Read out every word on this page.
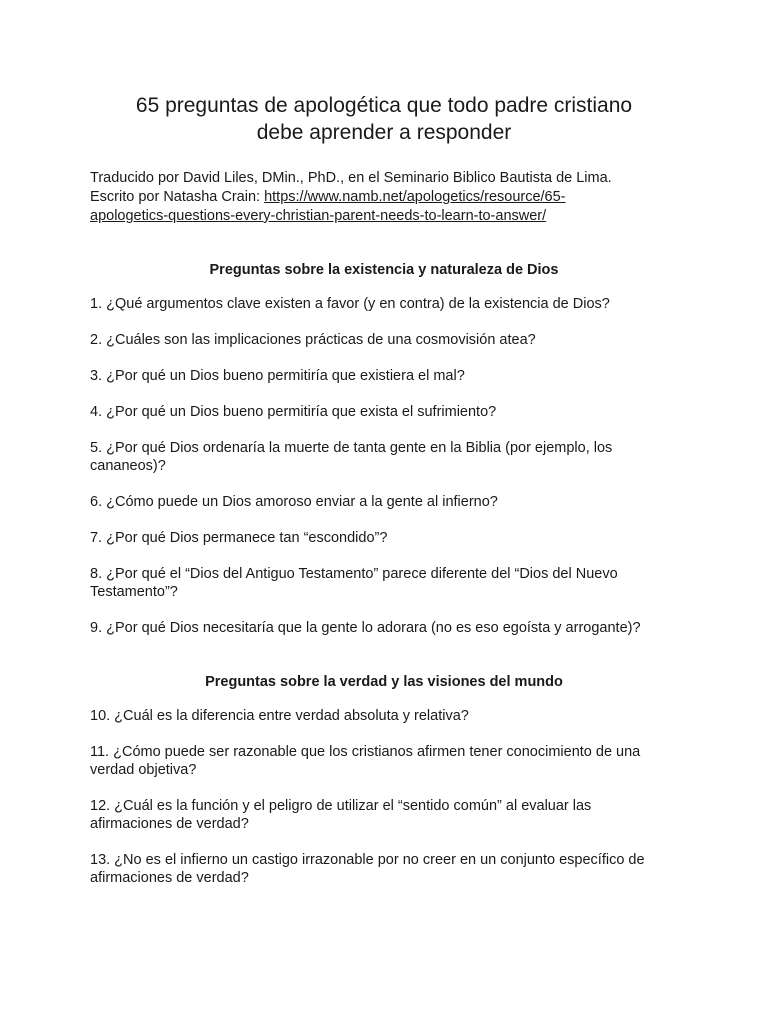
65 preguntas de apologética que todo padre cristiano
debe aprender a responder
Traducido por David Liles, DMin., PhD., en el Seminario Biblico Bautista de Lima.
Escrito por Natasha Crain: https://www.namb.net/apologetics/resource/65-
apologetics-questions-every-christian-parent-needs-to-learn-to-answer/
Preguntas sobre la existencia y naturaleza de Dios
1. ¿Qué argumentos clave existen a favor (y en contra) de la existencia de Dios?
2. ¿Cuáles son las implicaciones prácticas de una cosmovisión atea?
3. ¿Por qué un Dios bueno permitiría que existiera el mal?
4. ¿Por qué un Dios bueno permitiría que exista el sufrimiento?
5. ¿Por qué Dios ordenaría la muerte de tanta gente en la Biblia (por ejemplo, los
cananeos)?
6. ¿Cómo puede un Dios amoroso enviar a la gente al infierno?
7. ¿Por qué Dios permanece tan “escondido”?
8. ¿Por qué el “Dios del Antiguo Testamento” parece diferente del “Dios del Nuevo
Testamento”?
9. ¿Por qué Dios necesitaría que la gente lo adorara (no es eso egoísta y arrogante)?
Preguntas sobre la verdad y las visiones del mundo
10. ¿Cuál es la diferencia entre verdad absoluta y relativa?
11. ¿Cómo puede ser razonable que los cristianos afirmen tener conocimiento de una
verdad objetiva?
12. ¿Cuál es la función y el peligro de utilizar el “sentido común” al evaluar las
afirmaciones de verdad?
13. ¿No es el infierno un castigo irrazonable por no creer en un conjunto específico de
afirmaciones de verdad?
